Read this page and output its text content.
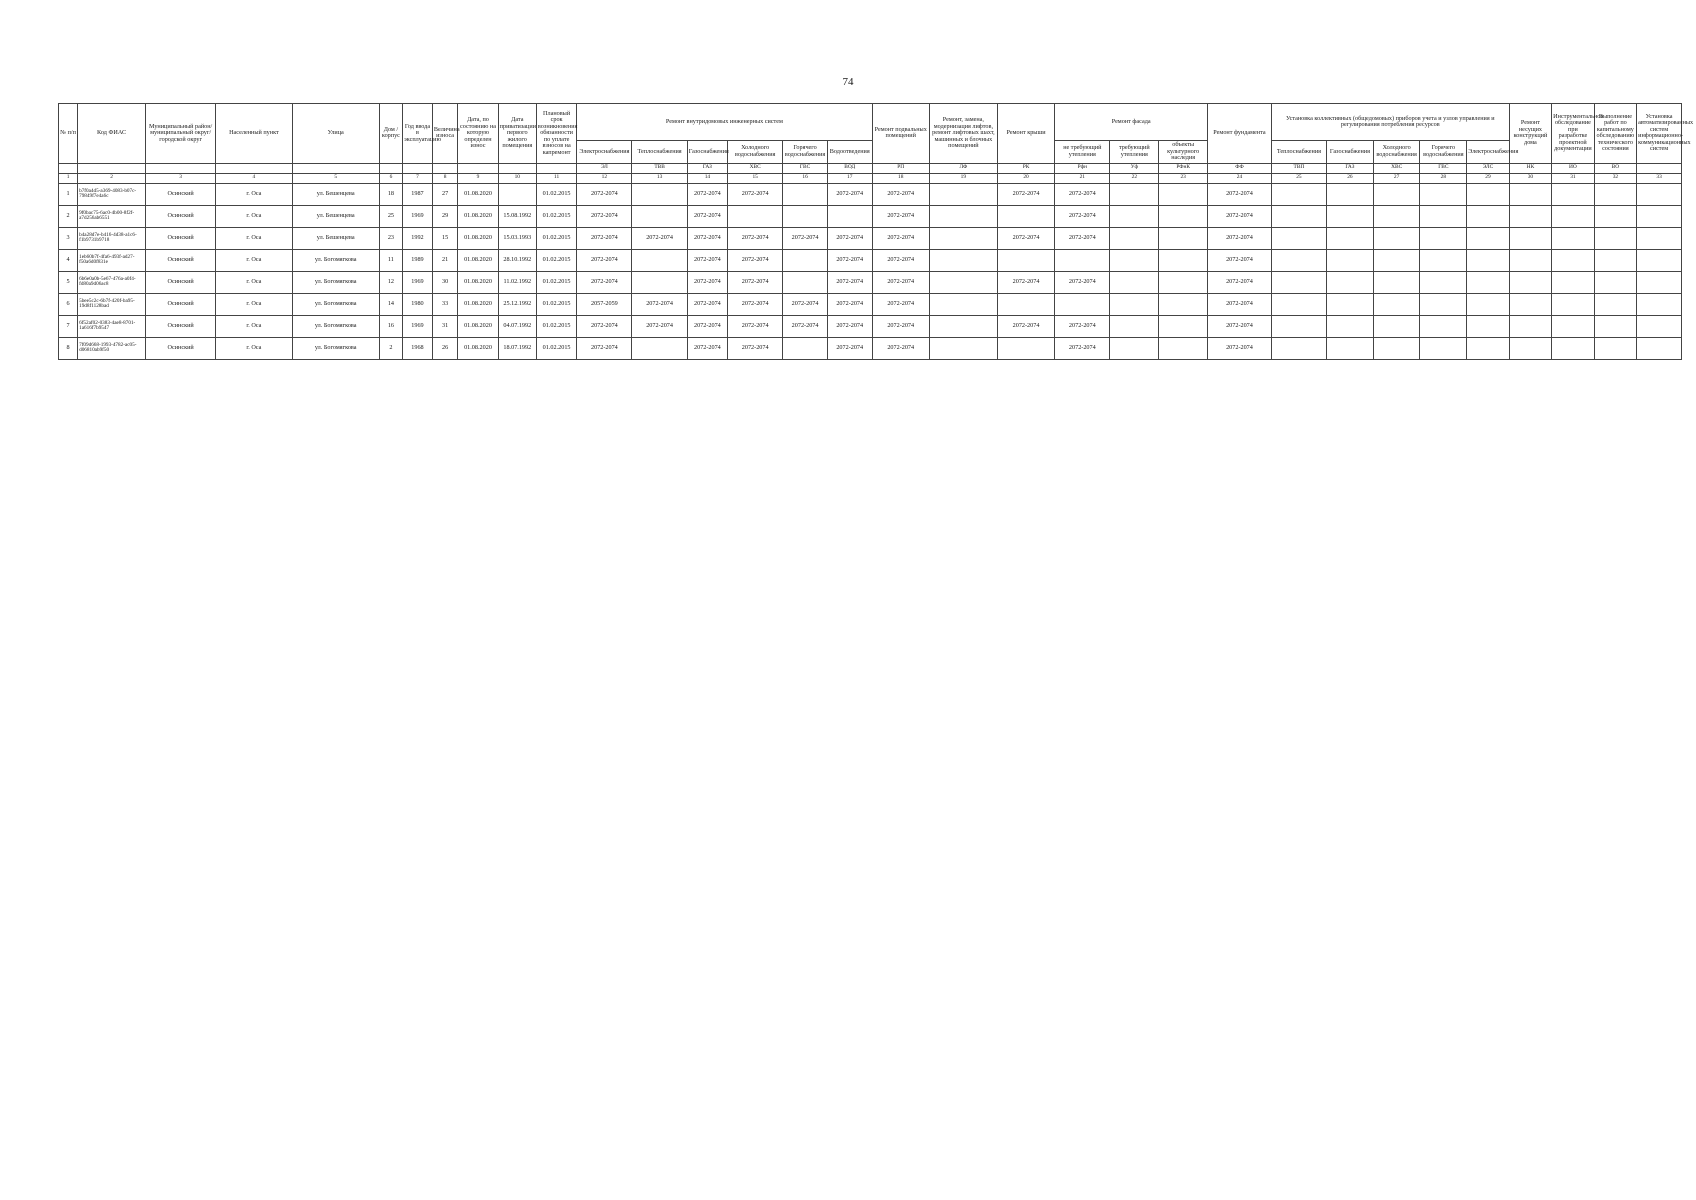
74
№ п/п	Код ФИАС	Муниципальный район/муниципальный округ/городской округ	Населенный пункт	Улица	Дом / корпус	Год ввода в эксплуатацию	Величина износа	Дата, по состоянию на которую определен износ	Дата приватизации первого жилого помещения	Плановый срок возникновения обязанности по уплате взносов на капремонт	Ремонт внутридомовых инженерных систем						Ремонт подвальных помещений	Ремонт, замена, модернизация лифтов, ремонт лифтовых шахт, машинных и блочных помещений	Ремонт крыши	Ремонт фасада			Ремонт фундамента	Установка коллективных (общедомовых) приборов учета и узлов управления и регулирования потребления ресурсов					Ремонт несущих конструкций дома	Инструментальное обследование при разработке проектной документации	Выполнение работ по капитальному обследованию технического состояния	Установка автоматизированных систем информационно-коммуникационных систем
											Электроснабжения	Теплоснабжения	Газоснабжения	Холодного водоснабжения	Горячего водоснабжения	Водоотведения				не требующий утепления	требующий утепления	объекты культурного наследия		Теплоснабжения	Газоснабжения	Холодного водоснабжения	Горячего водоснабжения	Электроснабжения				
											ЭЛ	ТВВ	ГАЗ	ХВС	ГВС	ВОД	РП	ЛФ	РК	Рфн	Уф	РФнК	ФФ	ТВП	ГАЗ	ХВС	ГВС	ЭЛС	НК	ИО	ВО	
1	2	3	4	5	6	7	8	9	10	11	12	13	14	15	16	17	18	19	20	21	22	23	24	25	26	27	28	29	30	31	32	33
1	b7f0a4d5-a369-4083-b07c-79849f7e4a6c	Осинский	г. Оса	ул. Бешенцева	18	1987	27	01.08.2020		01.02.2015	2072-2074		2072-2074	2072-2074		2072-2074	2072-2074		2072-2074	2072-2074			2072-2074									
2	9f0bac75-6ac0-4b00-8f2f-a7d256ab6551	Осинский	г. Оса	ул. Бешенцева	25	1969	29	01.08.2020	15.08.1992	01.02.2015	2072-2074		2072-2074				2072-2074			2072-2074			2072-2074									
3	b4a28d7e-b416-4d38-a1c6-f1b9731b9718	Осинский	г. Оса	ул. Бешенцева	23	1992	15	01.08.2020	15.03.1993	01.02.2015	2072-2074	2072-2074	2072-2074	2072-2074	2072-2074	2072-2074	2072-2074		2072-2074	2072-2074			2072-2074									
4	1eb60b7f-4fa6-493f-ad27-f50a6d0f831e	Осинский	г. Оса	ул. Богомягкова	11	1989	21	01.08.2020	28.10.1992	01.02.2015	2072-2074		2072-2074	2072-2074		2072-2074	2072-2074						2072-2074									
5	6b6e0a0b-5e67-476a-a0f4-fd80a9d06ac8	Осинский	г. Оса	ул. Богомягкова	12	1969	30	01.08.2020	11.02.1992	01.02.2015	2072-2074		2072-2074	2072-2074		2072-2074	2072-2074		2072-2074	2072-2074			2072-2074									
6	5bee5c2c-6b7f-420f-ba95-19d8f1128bad	Осинский	г. Оса	ул. Богомягкова	14	1980	33	01.08.2020	25.12.1992	01.02.2015	2057-2059	2072-2074	2072-2074	2072-2074	2072-2074	2072-2074	2072-2074						2072-2074									
7	6f52af02-0383-4ae8-8701-1a616f7b9547	Осинский	г. Оса	ул. Богомягкова	16	1969	31	01.08.2020	04.07.1992	01.02.2015	2072-2074	2072-2074	2072-2074	2072-2074	2072-2074	2072-2074	2072-2074		2072-2074	2072-2074			2072-2074									
8	7f09d668-1993-4782-ac05-d06810ab9f50	Осинский	г. Оса	ул. Богомягкова	2	1968	26	01.08.2020	18.07.1992	01.02.2015	2072-2074		2072-2074	2072-2074		2072-2074	2072-2074			2072-2074			2072-2074									
